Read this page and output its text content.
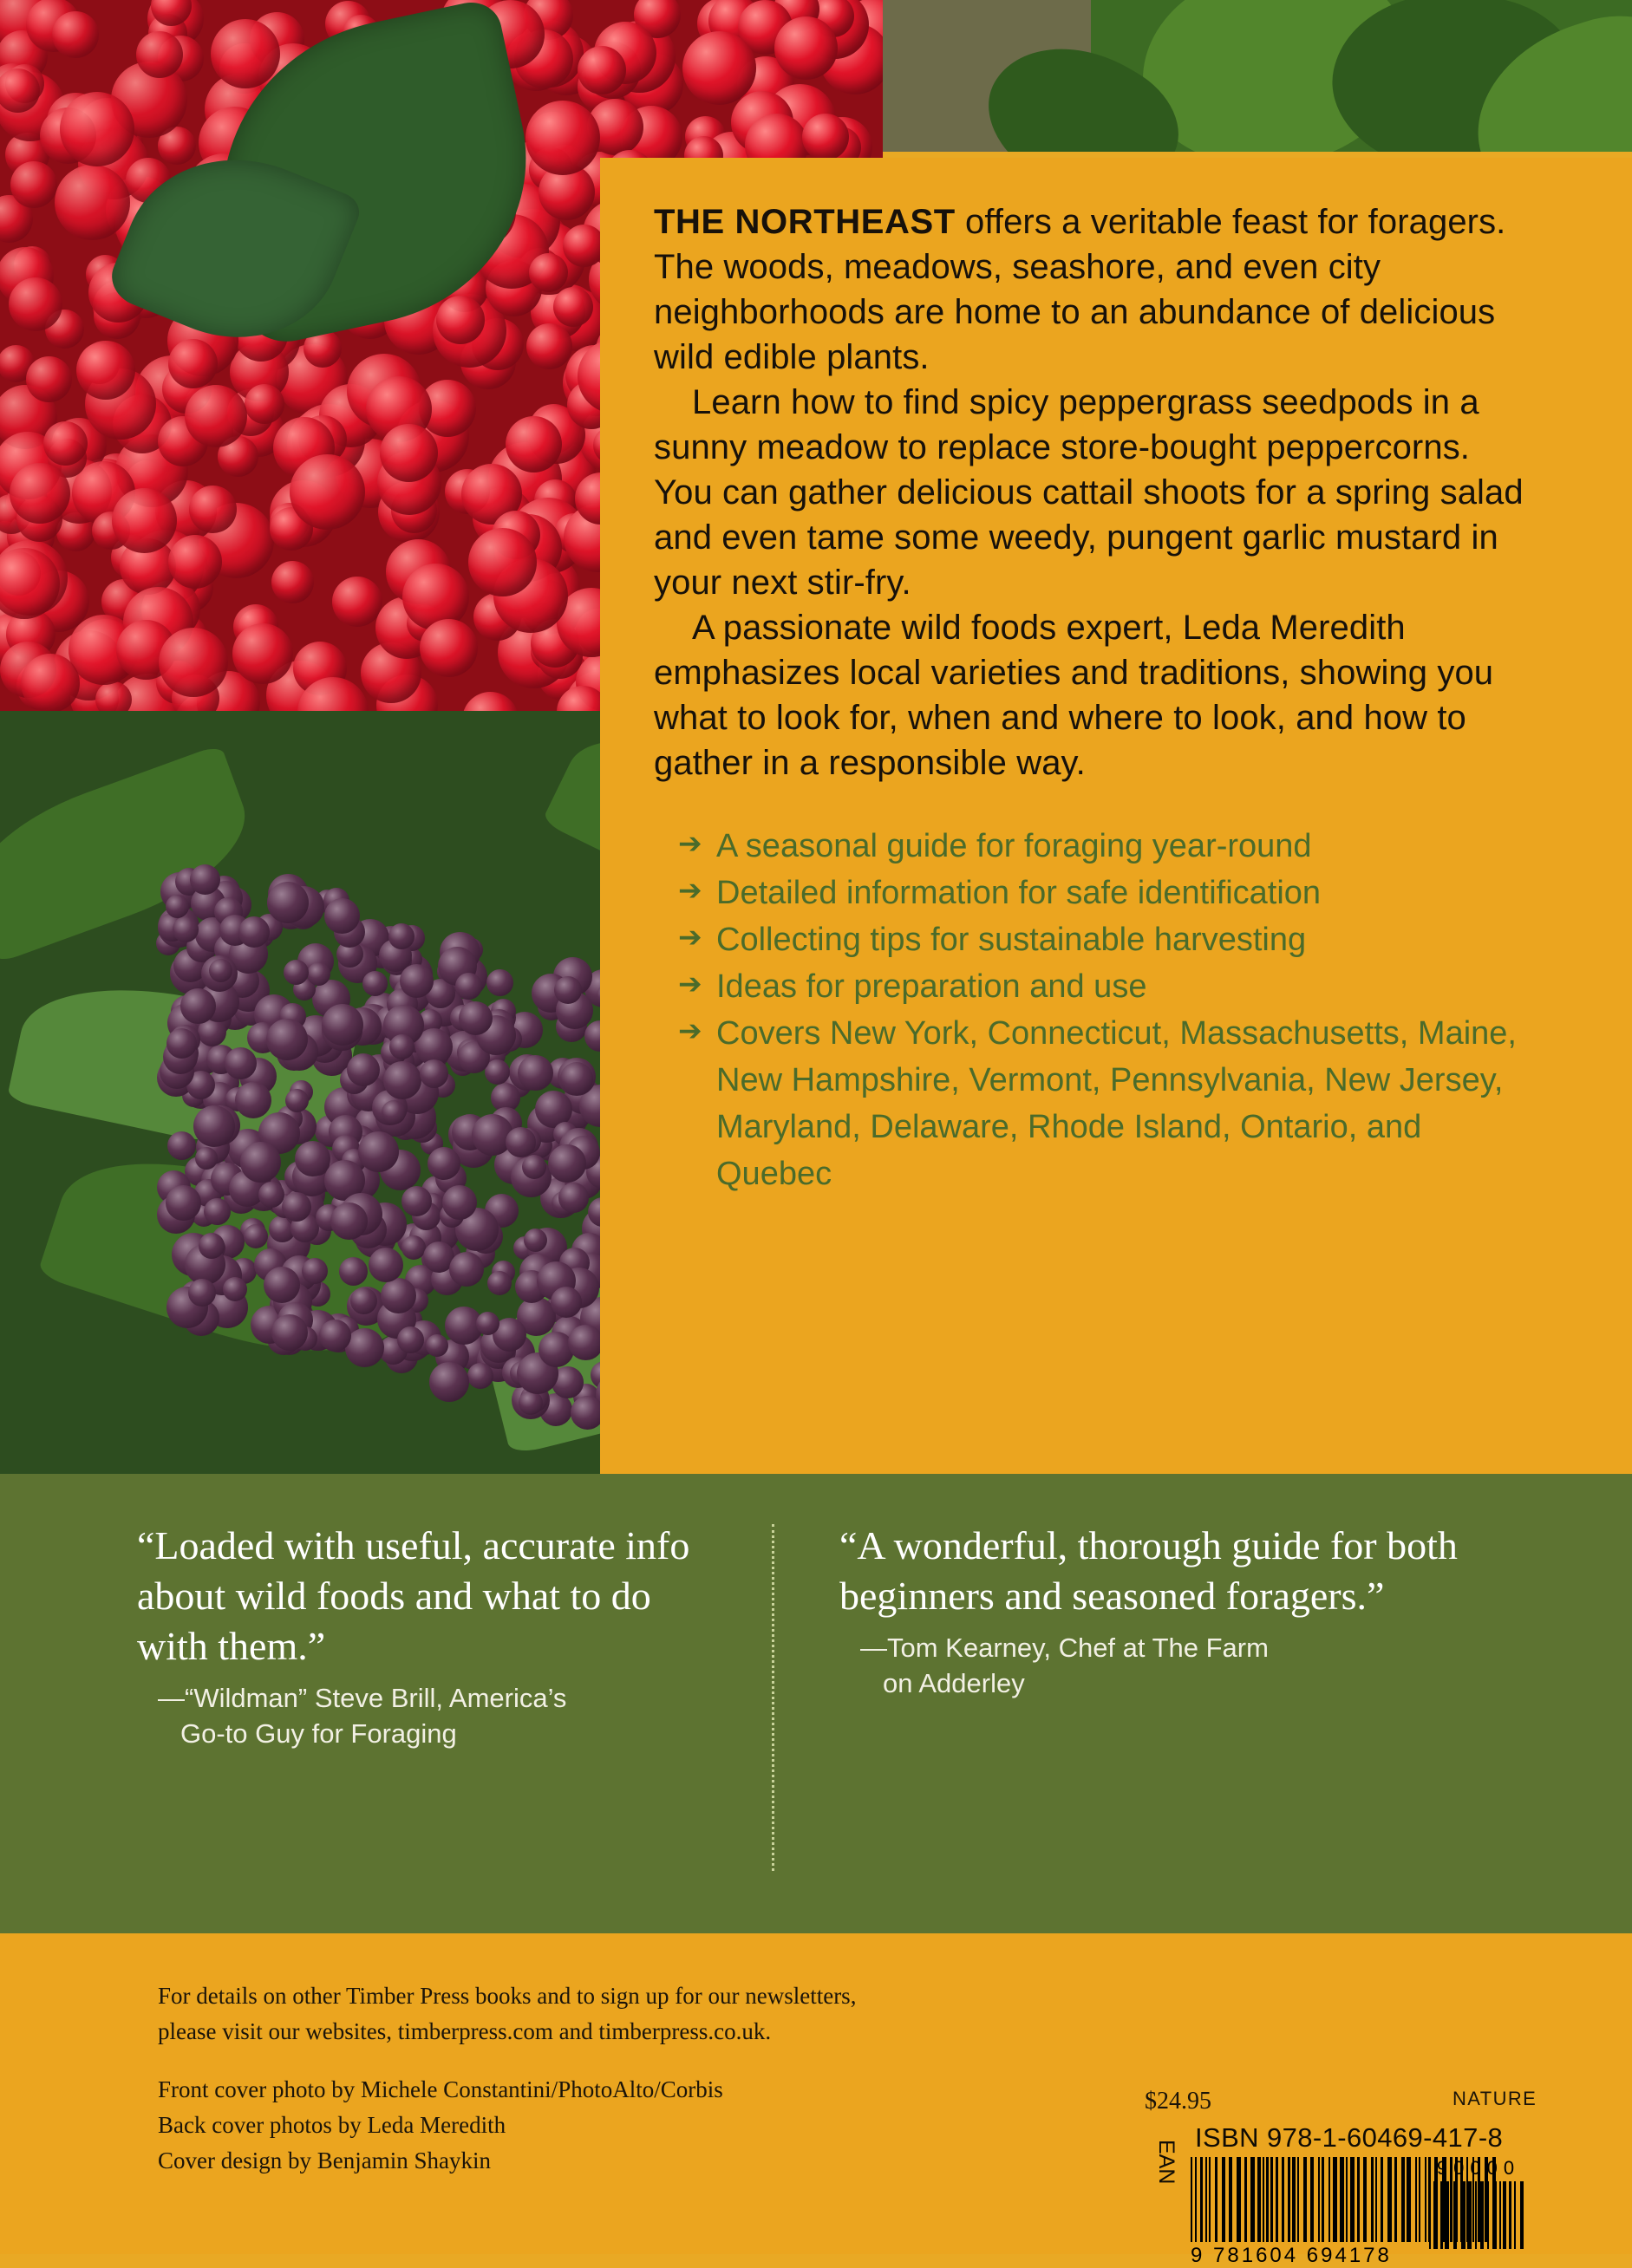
THE NORTHEAST offers a veritable feast for foragers. The woods, meadows, seashore, and even city neighborhoods are home to an abundance of delicious wild edible plants.

Learn how to find spicy peppergrass seedpods in a sunny meadow to replace store-bought peppercorns. You can gather delicious cattail shoots for a spring salad and even tame some weedy, pungent garlic mustard in your next stir-fry.

A passionate wild foods expert, Leda Meredith emphasizes local varieties and traditions, showing you what to look for, when and where to look, and how to gather in a responsible way.

➔ A seasonal guide for foraging year-round
➔ Detailed information for safe identification
➔ Collecting tips for sustainable harvesting
➔ Ideas for preparation and use
➔ Covers New York, Connecticut, Massachusetts, Maine, New Hampshire, Vermont, Pennsylvania, New Jersey, Maryland, Delaware, Rhode Island, Ontario, and Quebec

“Loaded with useful, accurate info about wild foods and what to do with them.”

—“Wildman” Steve Brill, America’s
Go-to Guy for Foraging

“A wonderful, thorough guide for both beginners and seasoned foragers.”

—Tom Kearney, Chef at The Farm
on Adderley

For details on other Timber Press books and to sign up for our newsletters,
please visit our websites, timberpress.com and timberpress.co.uk.
Front cover photo by Michele Constantini/PhotoAlto/Corbis
Back cover photos by Leda Meredith
Cover design by Benjamin Shaykin
$24.95	NATURE
ISBN 978-1-60469-417-8
EAN
9 781604 694178
90000
